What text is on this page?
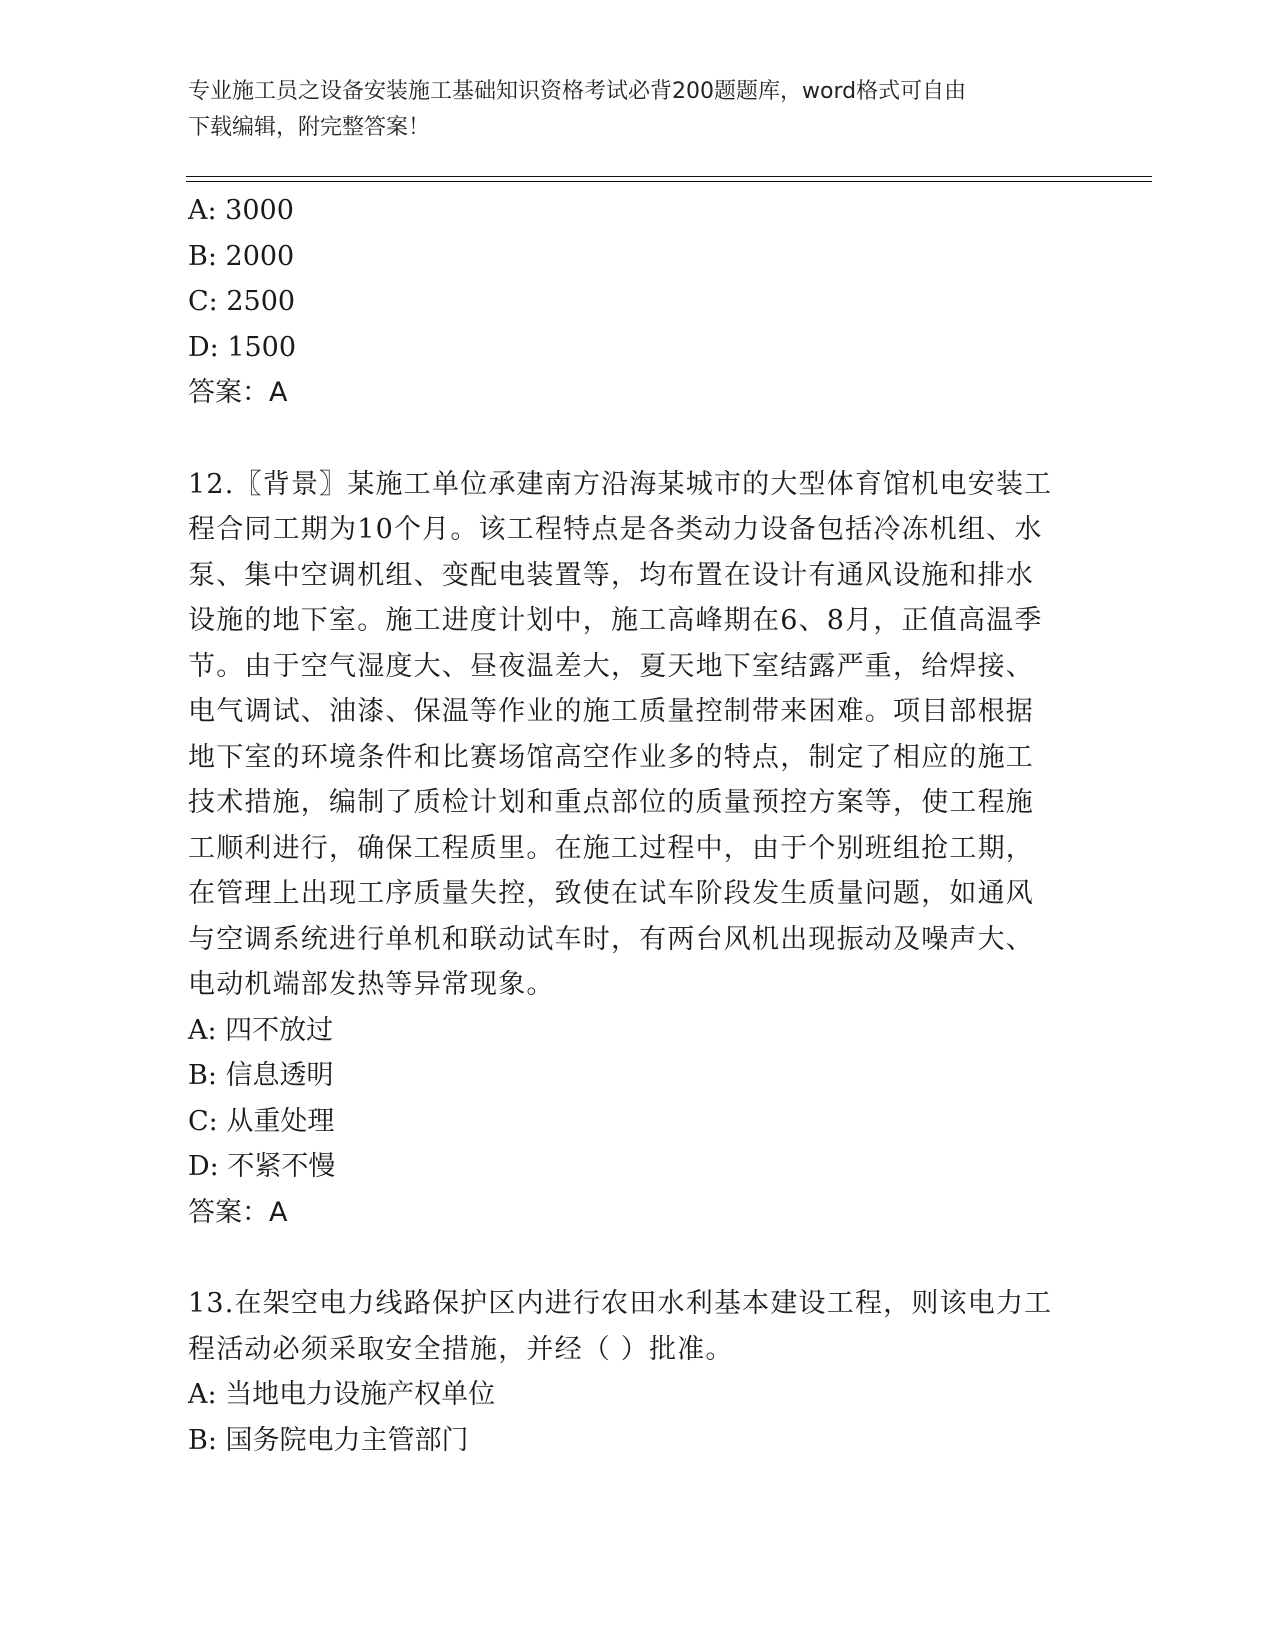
专业施工员之设备安装施工基础知识资格考试必背200题题库，word格式可自由
下载编辑，附完整答案！
A: 3000
B: 2000
C: 2500
D: 1500
答案：A
12.〖背景〗某施工单位承建南方沿海某城市的大型体育馆机电安装工
程合同工期为10个月。该工程特点是各类动力设备包括冷冻机组、水
泵、集中空调机组、变配电装置等，均布置在设计有通风设施和排水
设施的地下室。施工进度计划中，施工高峰期在6、8月，正值高温季
节。由于空气湿度大、昼夜温差大，夏天地下室结露严重，给焊接、
电气调试、油漆、保温等作业的施工质量控制带来困难。项目部根据
地下室的环境条件和比赛场馆高空作业多的特点，制定了相应的施工
技术措施，编制了质检计划和重点部位的质量预控方案等，使工程施
工顺利进行，确保工程质里。在施工过程中，由于个别班组抢工期，
在管理上出现工序质量失控，致使在试车阶段发生质量问题，如通风
与空调系统进行单机和联动试车时，有两台风机出现振动及噪声大、
电动机端部发热等异常现象。
A: 四不放过
B: 信息透明
C: 从重处理
D: 不紧不慢
答案：A
13.在架空电力线路保护区内进行农田水利基本建设工程，则该电力工
程活动必须采取安全措施，并经（ ）批准。
A: 当地电力设施产权单位
B: 国务院电力主管部门
